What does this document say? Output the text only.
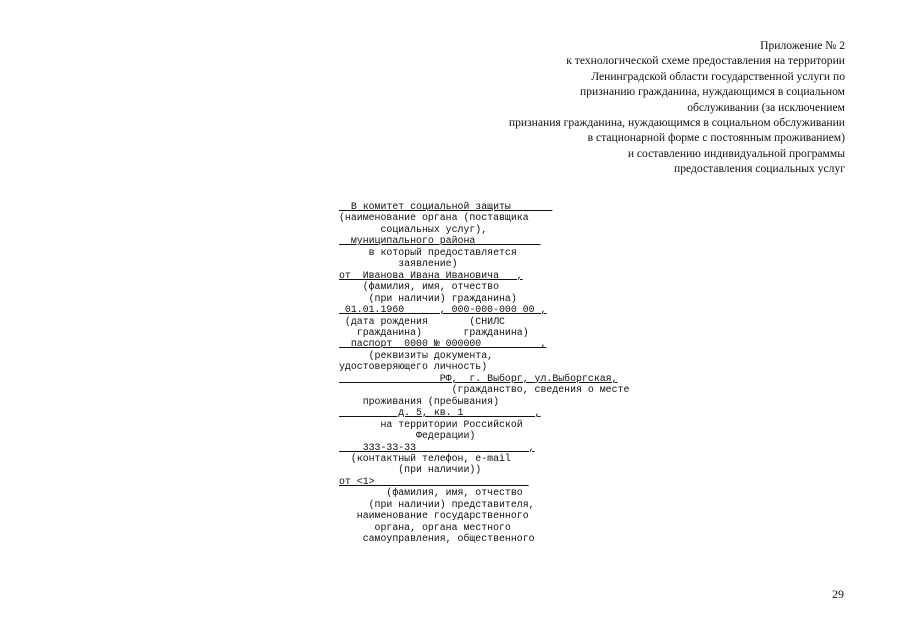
Приложение № 2
к технологической схеме предоставления на территории
Ленинградской области государственной услуги по
признанию гражданина, нуждающимся в социальном
обслуживании (за исключением
признания гражданина, нуждающимся в социальном обслуживании
в стационарной форме с постоянным проживанием)
и составлению индивидуальной программы
предоставления социальных услуг
В комитет социальной защиты
(наименование органа (поставщика
социальных услуг),
муниципального района
в который предоставляется
заявление)
от  Иванова Ивана Ивановича   ,
(фамилия, имя, отчество
(при наличии) гражданина)
01.01.1960      , 000-000-000 00 ,
(дата рождения       (СНИЛС
гражданина)       гражданина)
паспорт  0000 № 000000          ,
(реквизиты документа,
удостоверяющего личность)
РФ,  г. Выборг, ул.Выборгская,
(гражданство, сведения о месте
проживания (пребывания)
д. 5, кв. 1            ,
на территории Российской
Федерации)
333-33-33                   ,
(контактный телефон, e-mail
(при наличии))
от <1>
(фамилия, имя, отчество
(при наличии) представителя,
наименование государственного
органа, органа местного
самоуправления, общественного
29
